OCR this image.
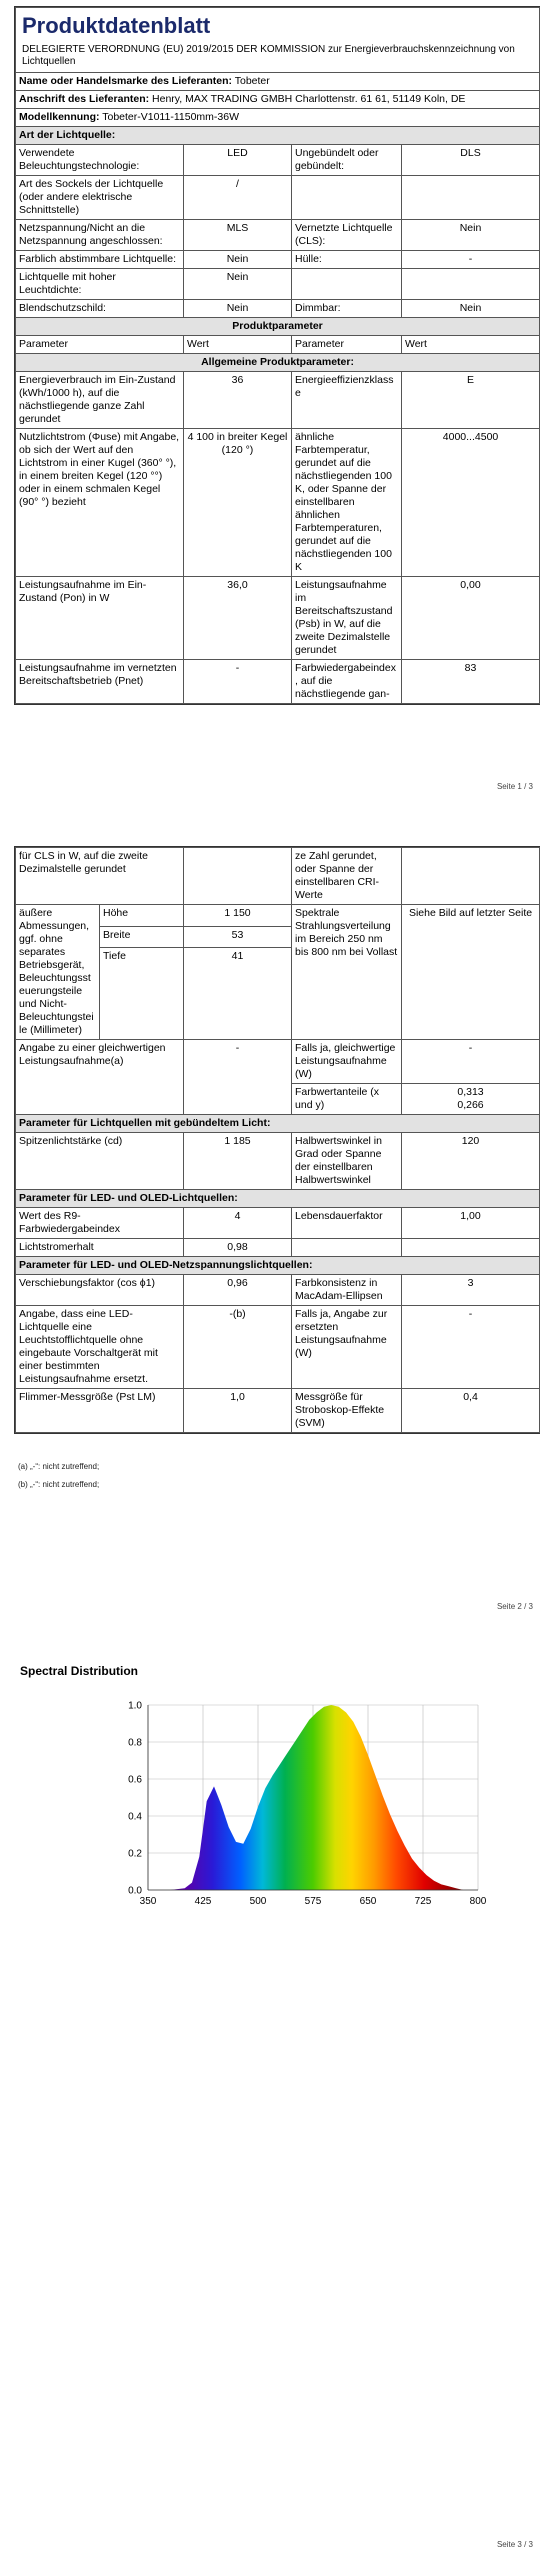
Produktdatenblatt			
DELEGIERTE VERORDNUNG (EU) 2019/2015 DER KOMMISSION zur Energieverbrauchskennzeichnung von Lichtquellen			
Name oder Handelsmarke des Lieferanten: Tobeter			
Anschrift des Lieferanten: Henry, MAX TRADING GMBH Charlottenstr. 61 61, 51149 Koln, DE			
Modellkennung: Tobeter-V1011-1150mm-36W			
Art der Lichtquelle:			
Verwendete Beleuchtungstechnologie:	LED	Ungebündelt oder gebündelt:	DLS
Art des Sockels der Lichtquelle (oder andere elektrische Schnittstelle)	/		
Netzspannung/Nicht an die Netzspannung angeschlossen:	MLS	Vernetzte Lichtquelle (CLS):	Nein
Farblich abstimmbare Lichtquelle:	Nein	Hülle:	-
Lichtquelle mit hoher Leuchtdichte:	Nein		
Blendschutzschild:	Nein	Dimmbar:	Nein
Produktparameter			
Parameter	Wert	Parameter	Wert
Allgemeine Produktparameter:			
Energieverbrauch im Ein-Zustand (kWh/1000 h), auf die nächstliegende ganze Zahl gerundet	36	Energieeffizienzklasse	E
Nutzlichtstrom (Φuse) mit Angabe, ob sich der Wert auf den Lichtstrom in einer Kugel (360° °), in einem breiten Kegel (120 °°) oder in einem schmalen Kegel (90° °) bezieht	4 100 in breiter Kegel (120 °)	ähnliche Farbtemperatur, gerundet auf die nächstliegenden 100 K, oder Spanne der einstellbaren ähnlichen Farbtemperaturen, gerundet auf die nächstliegenden 100 K	4000...4500
Leistungsaufnahme im Ein-Zustand (Pon) in W	36,0	Leistungsaufnahme im Bereitschaftszustand (Psb) in W, auf die zweite Dezimalstelle gerundet	0,00
Leistungsaufnahme im vernetzten Bereitschaftsbetrieb (Pnet)	-	Farbwiedergabeindex, auf die nächstliegende gan-	83
Seite 1 / 3
für CLS in W, auf die zweite Dezimalstelle gerundet			ze Zahl gerundet, oder Spanne der einstellbaren CRI-Werte	
äußere Abmessungen, ggf. ohne separates Betriebsgerät, Beleuchtungssteuerungsteile und Nicht-Beleuchtungsteile (Millimeter)	Höhe	1 150	Spektrale Strahlungsverteilung im Bereich 250 nm bis 800 nm bei Vollast	Siehe Bild auf letzter Seite
	Breite	53		
	Tiefe	41		
Angabe zu einer gleichwertigen Leistungsaufnahme(a)		-	Falls ja, gleichwertige Leistungsaufnahme (W)	-
			Farbwertanteile (x und y)	0,313
0,266

Parameter für Lichtquellen mit gebündeltem Licht:				
Spitzenlichtstärke (cd)		1 185	Halbwertswinkel in Grad oder Spanne der einstellbaren Halbwertswinkel	120
Parameter für LED- und OLED-Lichtquellen:				
Wert des R9-Farbwiedergabeindex		4	Lebensdauerfaktor	1,00
Lichtstromerhalt		0,98		
Parameter für LED- und OLED-Netzspannungslichtquellen:				
Verschiebungsfaktor (cos ϕ1)		0,96	Farbkonsistenz in MacAdam-Ellipsen	3
Angabe, dass eine LED-Lichtquelle eine Leuchtstofflichtquelle ohne eingebaute Vorschaltgerät mit einer bestimmten Leistungsaufnahme ersetzt.		-(b)	Falls ja, Angabe zur ersetzten Leistungsaufnahme (W)	-
Flimmer-Messgröße (Pst LM)		1,0	Messgröße für Stroboskop-Effekte (SVM)	0,4
(a) „-“: nicht zutreffend;
(b) „-“: nicht zutreffend;
Seite 2 / 3
Spectral Distribution
350	425	500	575	650	725	800
0.0
0.2
0.4
0.6
0.8
1.0
Seite 3 / 3
